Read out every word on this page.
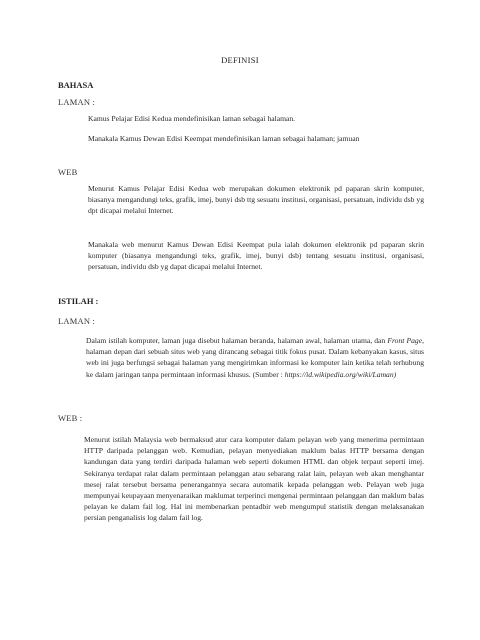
DEFINISI
BAHASA
LAMAN :
Kamus Pelajar Edisi Kedua mendefinisikan laman sebagai halaman.
Manakala Kamus Dewan Edisi Keempat mendefinisikan laman sebagai halaman; jamuan
WEB
Menurut Kamus Pelajar Edisi Kedua web merupakan dokumen elektronik pd paparan skrin komputer, biasanya mengandungi teks, grafik, imej, bunyi dsb ttg sesuatu institusi, organisasi, persatuan, individu dsb yg dpt dicapai melalui Internet.
Manakala web menurut Kamus Dewan Edisi Keempat pula ialah dokumen elektronik pd paparan skrin komputer (biasanya mengandungi teks, grafik, imej, bunyi dsb) tentang sesuatu institusi, organisasi, persatuan, individu dsb yg dapat dicapai melalui Internet.
ISTILAH :
LAMAN :
Dalam istilah komputer, laman juga disebut halaman beranda, halaman awal, halaman utama, dan Front Page, halaman depan dari sebuah situs web yang dirancang sebagai titik fokus pusat. Dalam kebanyakan kasus, situs web ini juga berfungsi sebagai halaman yang mengirimkan informasi ke komputer lain ketika telah terhubung ke dalam jaringan tanpa permintaan informasi khusus. (Sumber : https://id.wikipedia.org/wiki/Laman)
WEB :
Menurut istilah Malaysia web bermaksud atur cara komputer dalam pelayan web yang menerima permintaan HTTP daripada pelanggan web. Kemudian, pelayan menyediakan maklum balas HTTP bersama dengan kandungan data yang terdiri daripada halaman web seperti dokumen HTML dan objek terpaut seperti imej. Sekiranya terdapat ralat dalam permintaan pelanggan atau sebarang ralat lain, pelayan web akan menghantar mesej ralat tersebut bersama penerangannya secara automatik kepada pelanggan web. Pelayan web juga mempunyai keupayaan menyenaraikan maklumat terperinci mengenai permintaan pelanggan dan maklum balas pelayan ke dalam fail log. Hal ini membenarkan pentadbir web mengumpul statistik dengan melaksanakan persian penganalisis log dalam fail log.
